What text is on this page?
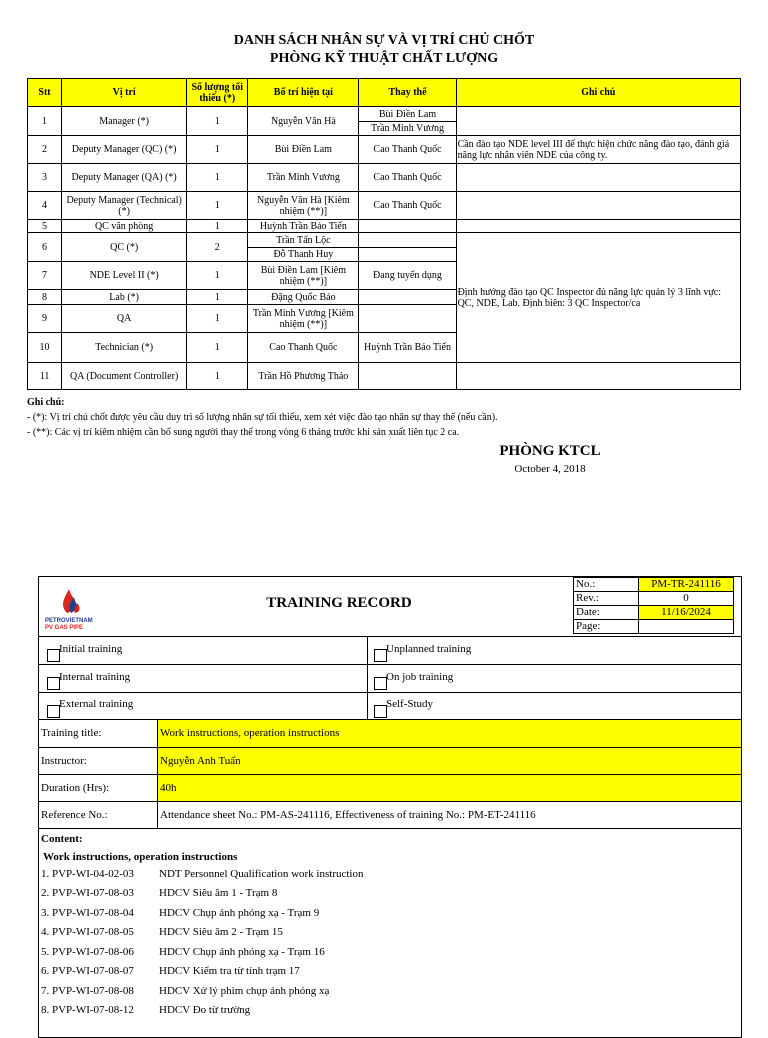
DANH SÁCH NHÂN SỰ VÀ VỊ TRÍ CHỦ CHỐT
PHÒNG KỸ THUẬT CHẤT LƯỢNG
Stt	Vị trí	Số lượng tối thiểu (*)	Bố trí hiện tại	Thay thế	Ghi chú
1	Manager (*)	1	Nguyễn Văn Hà	Bùi Điền Lam	
				Trần Minh Vương	
2	Deputy Manager (QC) (*)	1	Bùi Điền Lam	Cao Thanh Quốc	Cần đào tạo NDE level III để thực hiện chức năng đào tạo, đánh giá năng lực nhân viên NDE của công ty.
3	Deputy Manager (QA) (*)	1	Trần Minh Vương	Cao Thanh Quốc	
4	Deputy Manager (Technical) (*)	1	Nguyễn Văn Hà [Kiêm nhiệm (**)]	Cao Thanh Quốc	
5	QC văn phòng	1	Huỳnh Trần Bảo Tiến		
6	QC (*)	2	Trần Tấn Lộc		Định hướng đào tạo QC Inspector đủ năng lực quản lý 3 lĩnh vực: QC, NDE, Lab. Định biên: 3 QC Inspector/ca
			Đỗ Thanh Huy		
7	NDE Level II (*)	1	Bùi Điền Lam [Kiêm nhiệm (**)]	Đang tuyển dụng	
8	Lab (*)	1	Đặng Quốc Bảo		
9	QA	1	Trần Minh Vương [Kiêm nhiệm (**)]		
10	Technician (*)	1	Cao Thanh Quốc	Huỳnh Trần Bảo Tiến	
11	QA (Document Controller)	1	Trần Hồ Phương Thảo		
Ghi chú:
- (*): Vị trí chủ chốt được yêu cầu duy trì số lượng nhân sự tối thiểu, xem xét việc đào tạo nhân sự thay thế (nếu cần).
- (**): Các vị trí kiêm nhiệm cần bổ sung người thay thế trong vòng 6 tháng trước khi sản xuất liên tục 2 ca.
PHÒNG KTCL
October 4, 2018
PETROVIETNAM
PV GAS PIPE
TRAINING RECORD
No.:	PM-TR-241116
Rev.:	0
Date:	11/16/2024
Page:	
Initial training	Unplanned training
Internal training	On job training
External training	Self-Study
Training title:	Work instructions, operation instructions
Instructor:	Nguyễn Anh Tuấn
Duration (Hrs):	40h
Reference No.:	Attendance sheet No.: PM-AS-241116, Effectiveness of training No.: PM-ET-241116
Content:
Work instructions, operation instructions
1. PVP-WI-04-02-03 NDT Personnel Qualification work instruction
2. PVP-WI-07-08-03 HDCV Siêu âm 1 - Trạm 8
3. PVP-WI-07-08-04 HDCV Chụp ảnh phóng xạ - Trạm 9
4. PVP-WI-07-08-05 HDCV Siêu âm 2 - Trạm 15
5. PVP-WI-07-08-06 HDCV Chụp ảnh phóng xạ - Trạm 16
6. PVP-WI-07-08-07 HDCV Kiểm tra từ tính trạm 17
7. PVP-WI-07-08-08 HDCV Xử lý phim chụp ảnh phóng xạ
8. PVP-WI-07-08-12 HDCV Đo từ trường
